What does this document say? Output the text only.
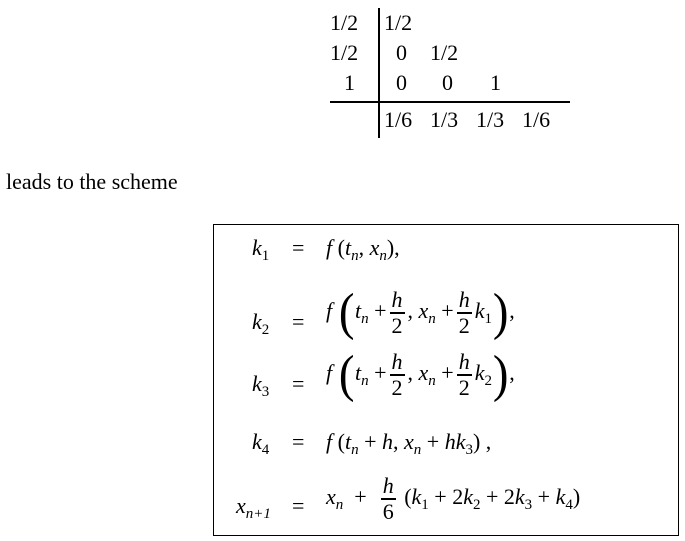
1/2 1/2
1/2 0 1/2
1 0 0 1
1/6 1/3 1/3 1/6
leads to the scheme
$k_1 = f$ ($t_n$, $x_n$),
$k_2 = f$ ($t_n + \frac{h}{2}$ , $x_n + \frac{h}{2} k_1$),
$k_3 = f$ ($t_n + \frac{h}{2}$ , $x_n + \frac{h}{2} k_2$),
$k_4 = f$ ($t_n + h$, $x_n + hk_3$) ,
$x_{n+1} = x_n + \frac{h}{6} (k_1 + 2k_2 + 2k_3 + k_4)$
